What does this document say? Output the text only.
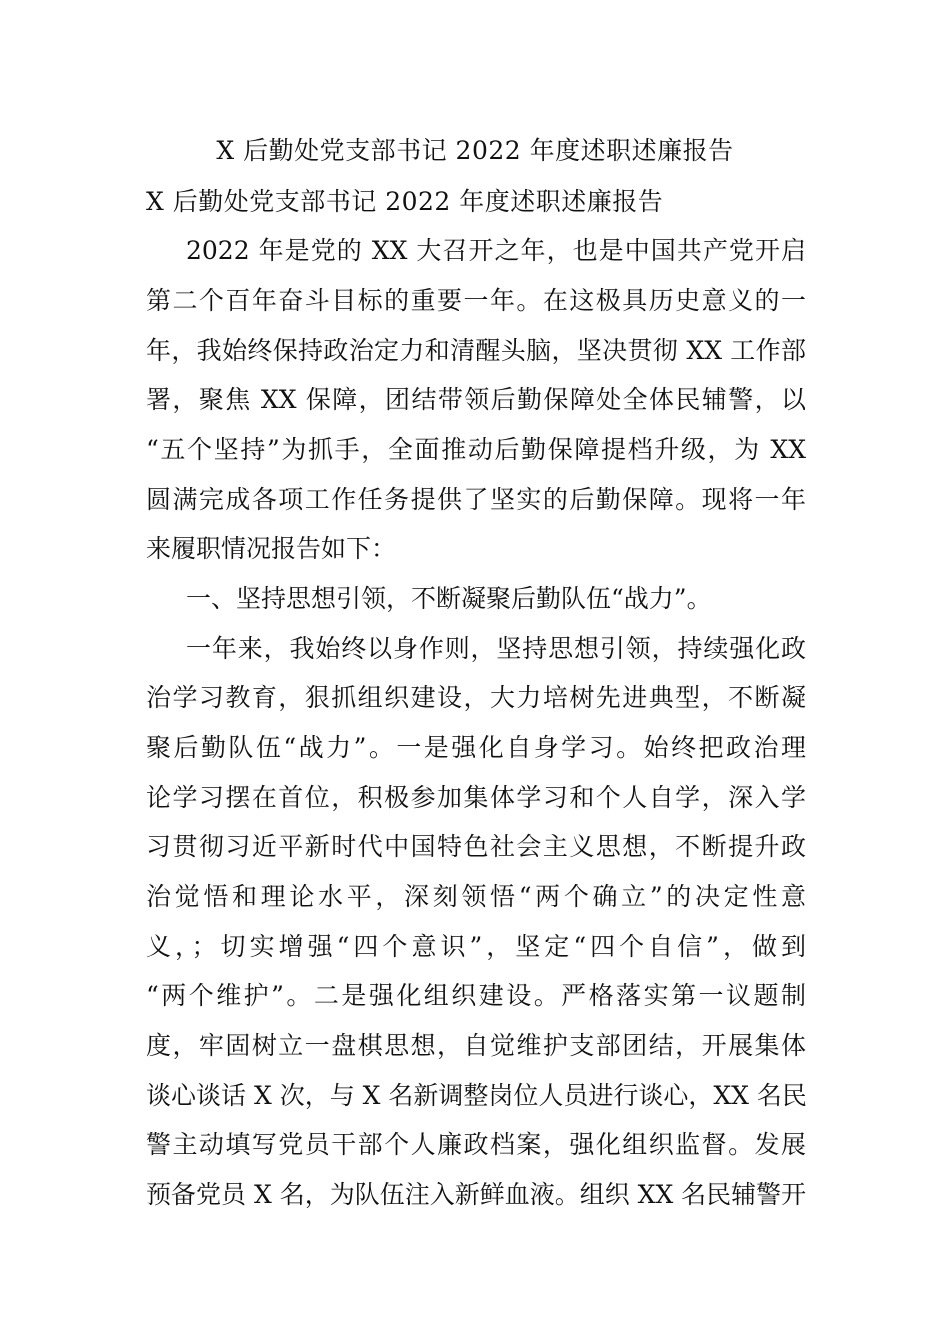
X 后勤处党支部书记 2022 年度述职述廉报告
X 后勤处党支部书记 2022 年度述职述廉报告
2022 年是党的 XX 大召开之年，也是中国共产党开启
第二个百年奋斗目标的重要一年。在这极具历史意义的一
年，我始终保持政治定力和清醒头脑，坚决贯彻 XX 工作部
署，聚焦 XX 保障，团结带领后勤保障处全体民辅警，以
“五个坚持”为抓手，全面推动后勤保障提档升级，为 XX
圆满完成各项工作任务提供了坚实的后勤保障。现将一年
来履职情况报告如下：
一、坚持思想引领，不断凝聚后勤队伍“战力”。
一年来，我始终以身作则，坚持思想引领，持续强化政
治学习教育，狠抓组织建设，大力培树先进典型，不断凝
聚后勤队伍“战力”。一是强化自身学习。始终把政治理
论学习摆在首位，积极参加集体学习和个人自学，深入学
习贯彻习近平新时代中国特色社会主义思想，不断提升政
治觉悟和理论水平，深刻领悟“两个确立”的决定性意
义，；切实增强“四个意识”，坚定“四个自信”，做到
“两个维护”。二是强化组织建设。严格落实第一议题制
度，牢固树立一盘棋思想，自觉维护支部团结，开展集体
谈心谈话 X 次，与 X 名新调整岗位人员进行谈心，XX 名民
警主动填写党员干部个人廉政档案，强化组织监督。发展
预备党员 X 名，为队伍注入新鲜血液。组织 XX 名民辅警开
